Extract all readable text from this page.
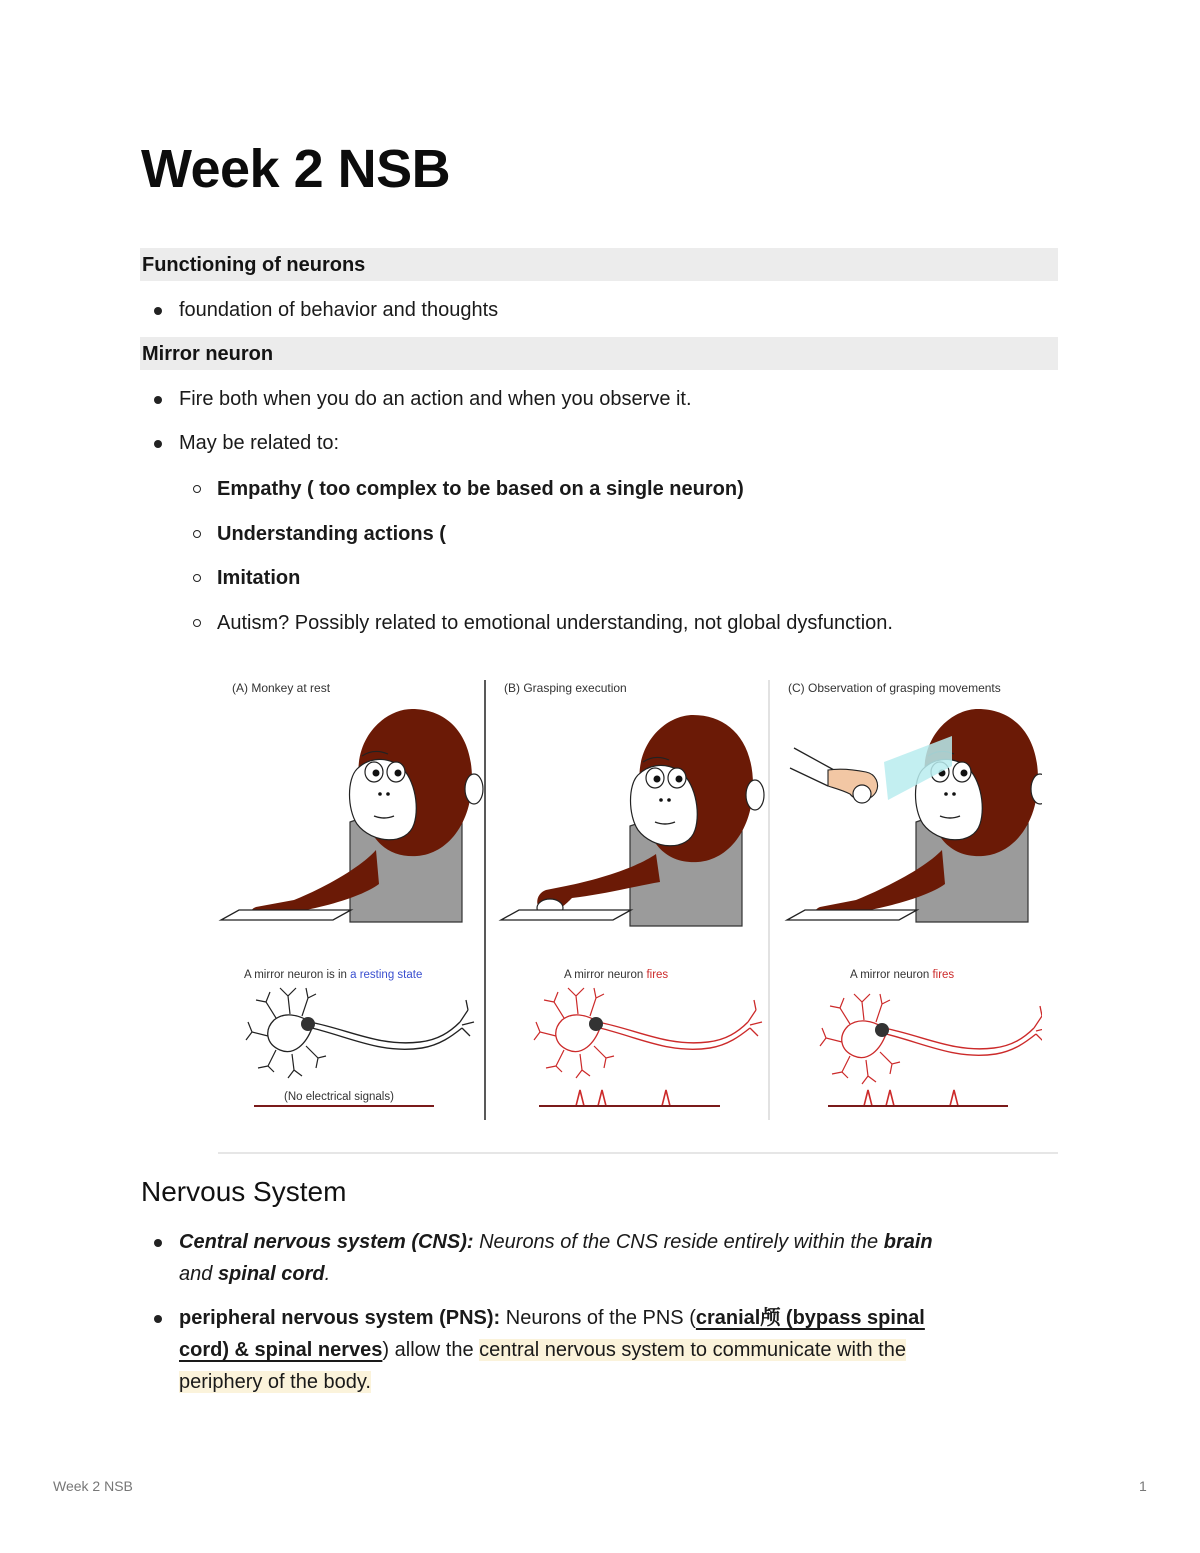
Week 2 NSB
Functioning of neurons
foundation of behavior and thoughts
Mirror neuron
Fire both when you do an action and when you observe it.
May be related to:
Empathy ( too complex to be based on a single neuron)
Understanding actions (
Imitation
Autism? Possibly related to emotional understanding, not global dysfunction.
(A) Monkey at rest
A mirror neuron is in a resting state
(No electrical signals)
(B) Grasping execution
A mirror neuron fires
(C) Observation of grasping movements
A mirror neuron fires
Nervous System
Central nervous system (CNS): Neurons of the CNS reside entirely within the brain
and spinal cord.
peripheral nervous system (PNS): Neurons of the PNS (cranial颅 (bypass spinal
cord) & spinal nerves) allow the central nervous system to communicate with the
periphery of the body.
Week 2 NSB	1
